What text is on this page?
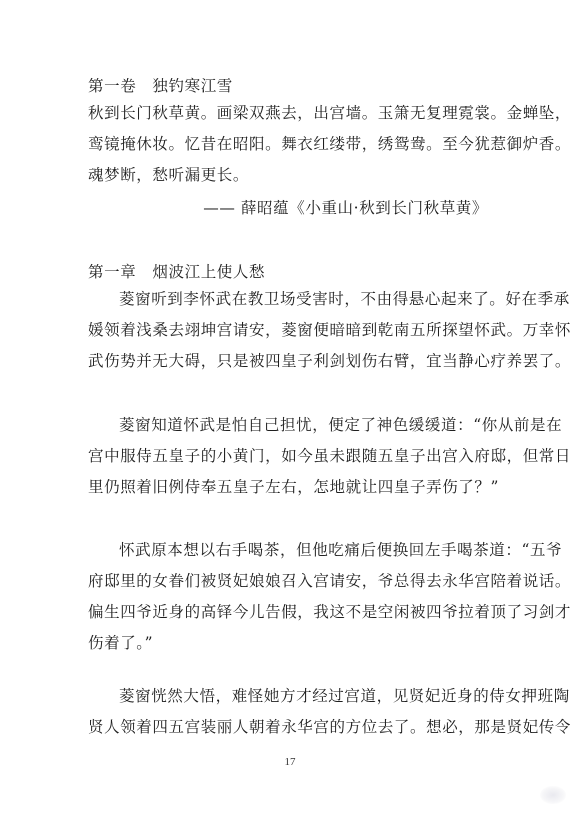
第一卷　独钓寒江雪
秋到长门秋草黄。画梁双燕去，出宫墙。玉箫无复理霓裳。金蝉坠，
鸾镜掩休妆。忆昔在昭阳。舞衣红缕带，绣鸳鸯。至今犹惹御炉香。
魂梦断，愁听漏更长。
—— 薛昭蕴《小重山·秋到长门秋草黄》
第一章　烟波江上使人愁
菱窗听到李怀武在教卫场受害时，不由得悬心起来了。好在季承
媛领着浅桑去翊坤宫请安，菱窗便暗暗到乾南五所探望怀武。万幸怀
武伤势并无大碍，只是被四皇子利剑划伤右臂，宜当静心疗养罢了。
菱窗知道怀武是怕自己担忧，便定了神色缓缓道：“你从前是在
宫中服侍五皇子的小黄门，如今虽未跟随五皇子出宫入府邸，但常日
里仍照着旧例侍奉五皇子左右，怎地就让四皇子弄伤了？”
怀武原本想以右手喝茶，但他吃痛后便换回左手喝茶道：“五爷
府邸里的女眷们被贤妃娘娘召入宫请安，爷总得去永华宫陪着说话。
偏生四爷近身的高铎今儿告假，我这不是空闲被四爷拉着顶了习剑才
伤着了。”
菱窗恍然大悟，难怪她方才经过宫道，见贤妃近身的侍女押班陶
贤人领着四五宫装丽人朝着永华宫的方位去了。想必，那是贤妃传令
17
